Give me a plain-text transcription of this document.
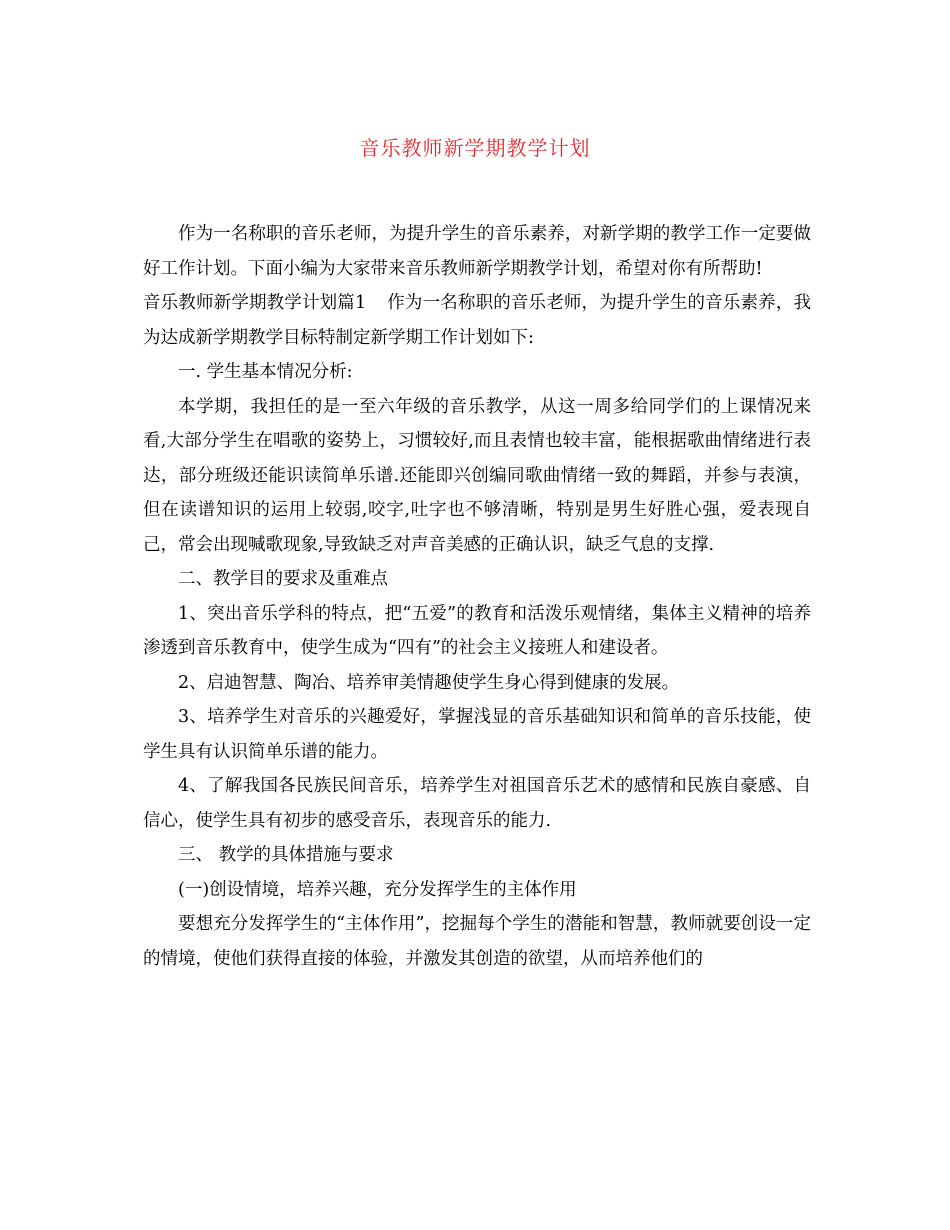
音乐教师新学期教学计划

作为一名称职的音乐老师，为提升学生的音乐素养，对新学期的教学工作一定要做好工作计划。下面小编为大家带来音乐教师新学期教学计划，希望对你有所帮助!

音乐教师新学期教学计划篇1 作为一名称职的音乐老师，为提升学生的音乐素养，我为达成新学期教学目标特制定新学期工作计划如下:

一. 学生基本情况分析:

本学期，我担任的是一至六年级的音乐教学，从这一周多给同学们的上课情况来看,大部分学生在唱歌的姿势上，习惯较好,而且表情也较丰富，能根据歌曲情绪进行表达，部分班级还能识读简单乐谱.还能即兴创编同歌曲情绪一致的舞蹈，并参与表演，但在读谱知识的运用上较弱,咬字,吐字也不够清晰，特别是男生好胜心强，爱表现自己，常会出现喊歌现象,导致缺乏对声音美感的正确认识，缺乏气息的支撑.

二、教学目的要求及重难点

1、突出音乐学科的特点，把“五爱”的教育和活泼乐观情绪，集体主义精神的培养渗透到音乐教育中，使学生成为“四有”的社会主义接班人和建设者。

2、启迪智慧、陶冶、培养审美情趣使学生身心得到健康的发展。

3、培养学生对音乐的兴趣爱好，掌握浅显的音乐基础知识和简单的音乐技能，使学生具有认识简单乐谱的能力。

4、了解我国各民族民间音乐，培养学生对祖国音乐艺术的感情和民族自豪感、自信心，使学生具有初步的感受音乐，表现音乐的能力.

三、 教学的具体措施与要求

(一)创设情境，培养兴趣，充分发挥学生的主体作用

要想充分发挥学生的“主体作用”，挖掘每个学生的潜能和智慧，教师就要创设一定的情境，使他们获得直接的体验，并激发其创造的欲望，从而培养他们的
